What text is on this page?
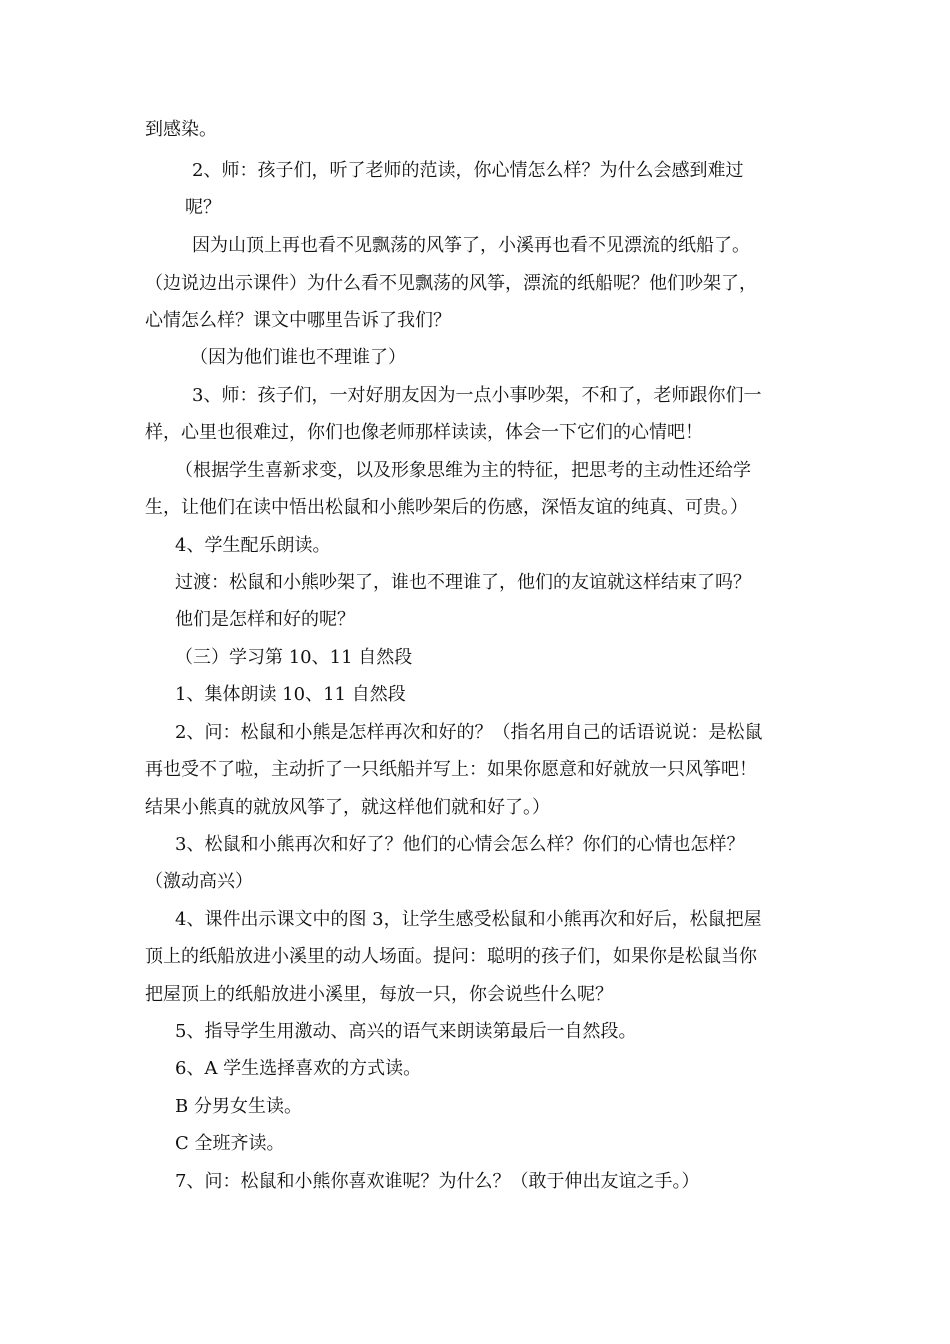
到感染。
2、师：孩子们，听了老师的范读，你心情怎么样？为什么会感到难过
呢？
因为山顶上再也看不见飘荡的风筝了，小溪再也看不见漂流的纸船了。
（边说边出示课件）为什么看不见飘荡的风筝，漂流的纸船呢？他们吵架了，
心情怎么样？课文中哪里告诉了我们？
（因为他们谁也不理谁了）
3、师：孩子们，一对好朋友因为一点小事吵架，不和了，老师跟你们一
样，心里也很难过，你们也像老师那样读读，体会一下它们的心情吧！
（根据学生喜新求变，以及形象思维为主的特征，把思考的主动性还给学
生，让他们在读中悟出松鼠和小熊吵架后的伤感，深悟友谊的纯真、可贵。）
4、学生配乐朗读。
过渡：松鼠和小熊吵架了，谁也不理谁了，他们的友谊就这样结束了吗？
他们是怎样和好的呢？
（三）学习第 10、11 自然段
1、集体朗读 10、11 自然段
2、问：松鼠和小熊是怎样再次和好的？（指名用自己的话语说说：是松鼠
再也受不了啦，主动折了一只纸船并写上：如果你愿意和好就放一只风筝吧！
结果小熊真的就放风筝了，就这样他们就和好了。）
3、松鼠和小熊再次和好了？他们的心情会怎么样？你们的心情也怎样？
（激动高兴）
4、课件出示课文中的图 3，让学生感受松鼠和小熊再次和好后，松鼠把屋
顶上的纸船放进小溪里的动人场面。提问：聪明的孩子们，如果你是松鼠当你
把屋顶上的纸船放进小溪里，每放一只，你会说些什么呢？
5、指导学生用激动、高兴的语气来朗读第最后一自然段。
6、A 学生选择喜欢的方式读。
B 分男女生读。
C 全班齐读。
7、问：松鼠和小熊你喜欢谁呢？为什么？（敢于伸出友谊之手。）
